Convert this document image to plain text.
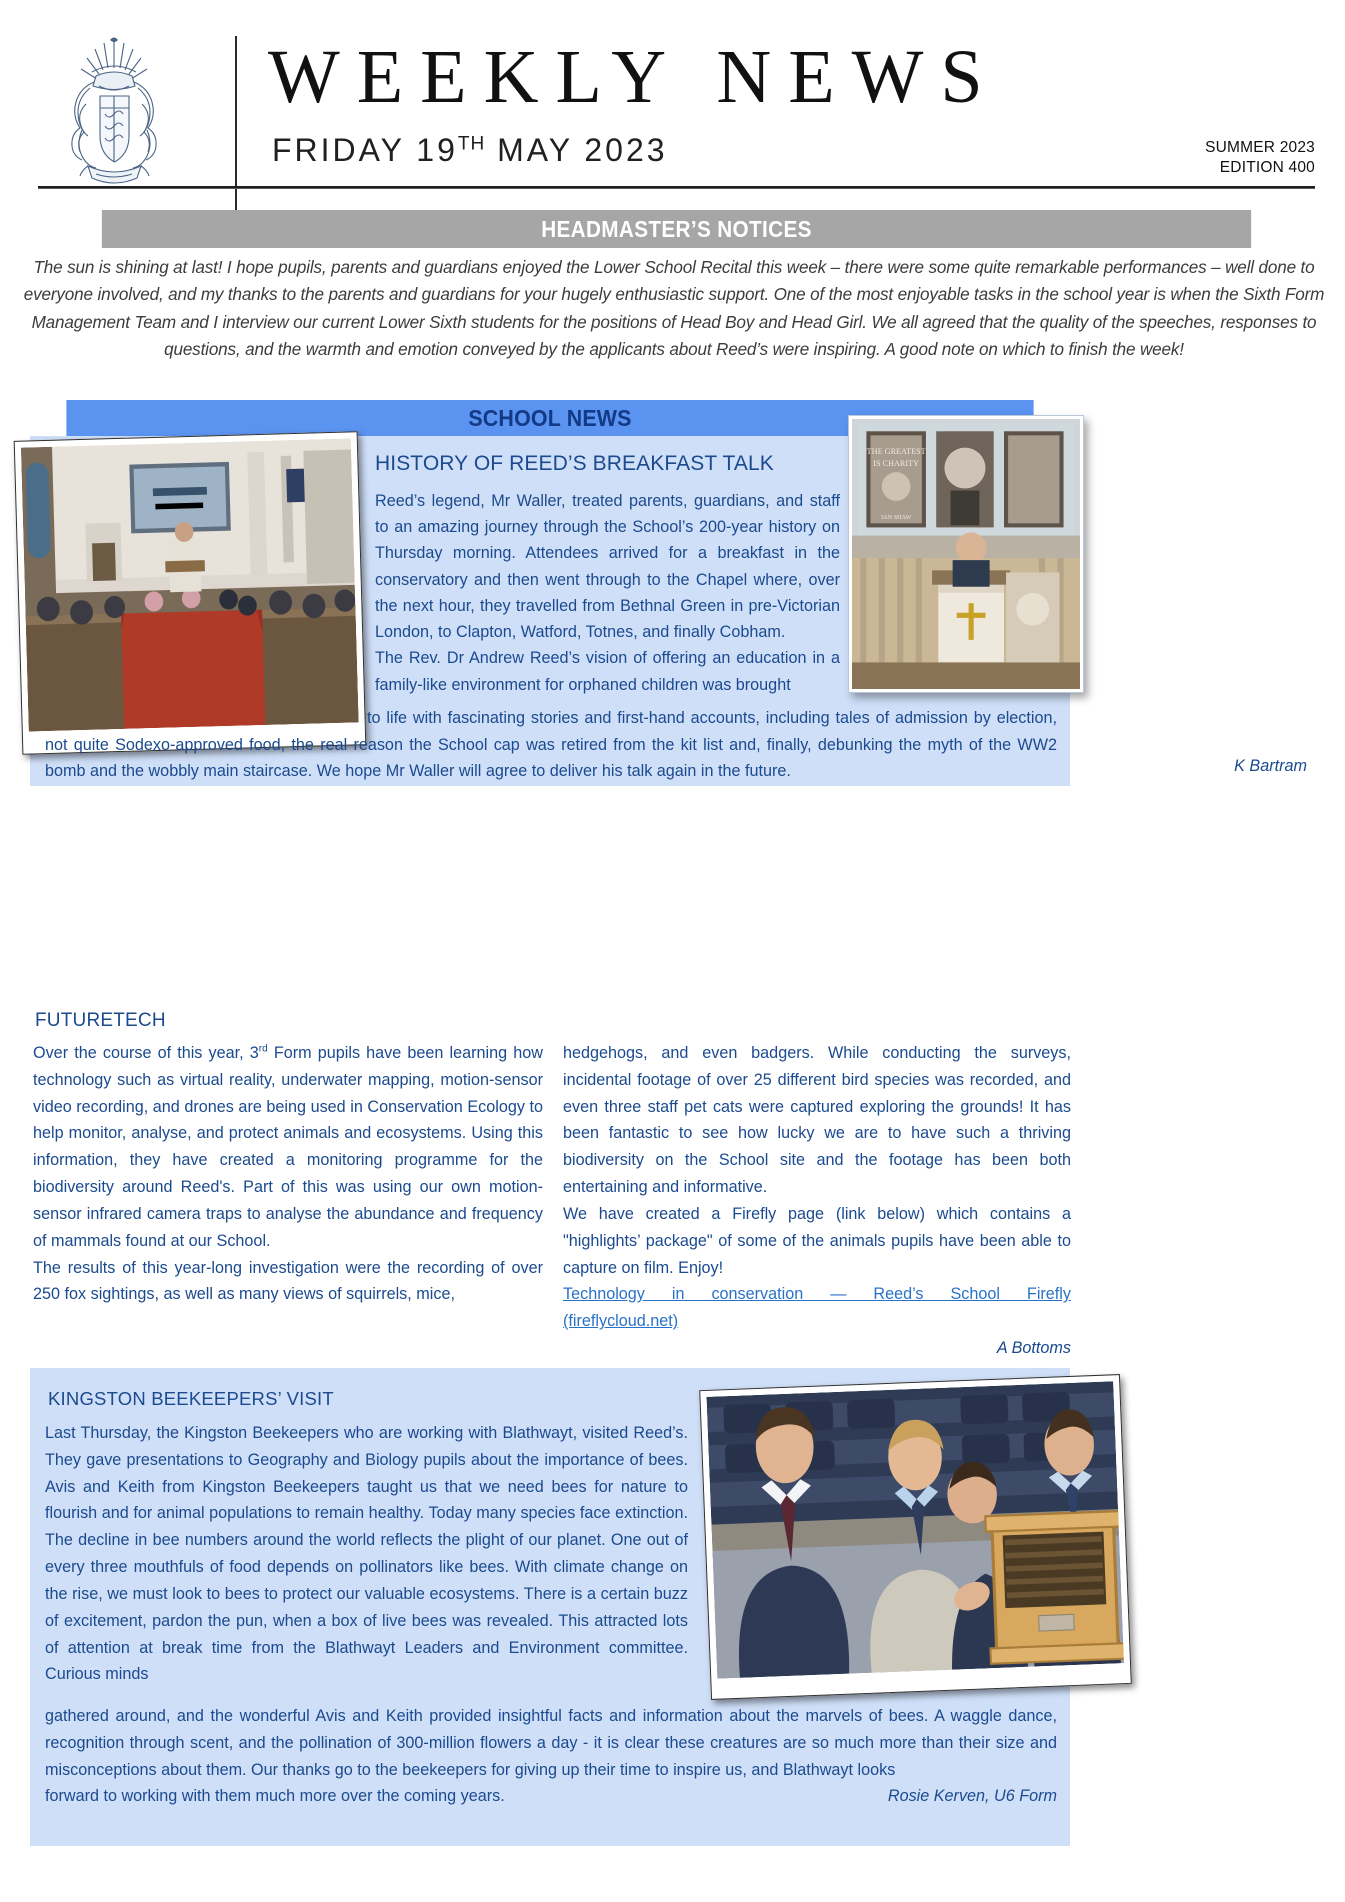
WEEKLY NEWS
FRIDAY 19TH MAY 2023	SUMMER 2023
EDITION 400
HEADMASTER’S NOTICES
The sun is shining at last! I hope pupils, parents and guardians enjoyed the Lower School Recital this week – there were some quite remarkable performances – well done to everyone involved, and my thanks to the parents and guardians for your hugely enthusiastic support. One of the most enjoyable tasks in the school year is when the Sixth Form Management Team and I interview our current Lower Sixth students for the positions of Head Boy and Head Girl. We all agreed that the quality of the speeches, responses to questions, and the warmth and emotion conveyed by the applicants about Reed’s were inspiring. A good note on which to finish the week!
SCHOOL NEWS
THE GREATEST
IS CHARITY
IAN SHAW
HISTORY OF REED’S BREAKFAST TALK

Reed’s legend, Mr Waller, treated parents, guardians, and staff to an amazing journey through the School’s 200-year history on Thursday morning. Attendees arrived for a breakfast in the conservatory and then went through to the Chapel where, over the next hour, they travelled from Bethnal Green in pre-Victorian London, to Clapton, Watford, Totnes, and finally Cobham.

The Rev. Dr Andrew Reed’s vision of offering an education in a family-like environment for orphaned children was brought

to life with fascinating stories and first-hand accounts, including tales of admission by election, not quite Sodexo-approved food, the real reason the School cap was retired from the kit list and, finally, debunking the myth of the WW2 bomb and the wobbly main staircase. We hope Mr Waller will agree to deliver his talk again in the future.	K Bartram
FUTURETECH

Over the course of this year, 3rd Form pupils have been learning how technology such as virtual reality, underwater mapping, motion-sensor video recording, and drones are being used in Conservation Ecology to help monitor, analyse, and protect animals and ecosystems. Using this information, they have created a monitoring programme for the biodiversity around Reed's. Part of this was using our own motion-sensor infrared camera traps to analyse the abundance and frequency of mammals found at our School.

The results of this year-long investigation were the recording of over 250 fox sightings, as well as many views of squirrels, mice,

hedgehogs, and even badgers. While conducting the surveys, incidental footage of over 25 different bird species was recorded, and even three staff pet cats were captured exploring the grounds! It has been fantastic to see how lucky we are to have such a thriving biodiversity on the School site and the footage has been both entertaining and informative.

We have created a Firefly page (link below) which contains a "highlights’ package" of some of the animals pupils have been able to capture on film. Enjoy!

Technology in conservation — Reed’s School Firefly
(fireflycloud.net)

A Bottoms

KINGSTON BEEKEEPERS’ VISIT
Last Thursday, the Kingston Beekeepers who are working with Blathwayt, visited Reed’s. They gave presentations to Geography and Biology pupils about the importance of bees. Avis and Keith from Kingston Beekeepers taught us that we need bees for nature to flourish and for animal populations to remain healthy. Today many species face extinction. The decline in bee numbers around the world reflects the plight of our planet. One out of every three mouthfuls of food depends on pollinators like bees. With climate change on the rise, we must look to bees to protect our valuable ecosystems. There is a certain buzz of excitement, pardon the pun, when a box of live bees was revealed. This attracted lots of attention at break time from the Blathwayt Leaders and Environment committee. Curious minds
gathered around, and the wonderful Avis and Keith provided insightful facts and information about the marvels of bees. A waggle dance, recognition through scent, and the pollination of 300-million flowers a day - it is clear these creatures are so much more than their size and misconceptions about them. Our thanks go to the beekeepers for giving up their time to inspire us, and Blathwayt looks
forward to working with them much more over the coming years.	Rosie Kerven, U6 Form
